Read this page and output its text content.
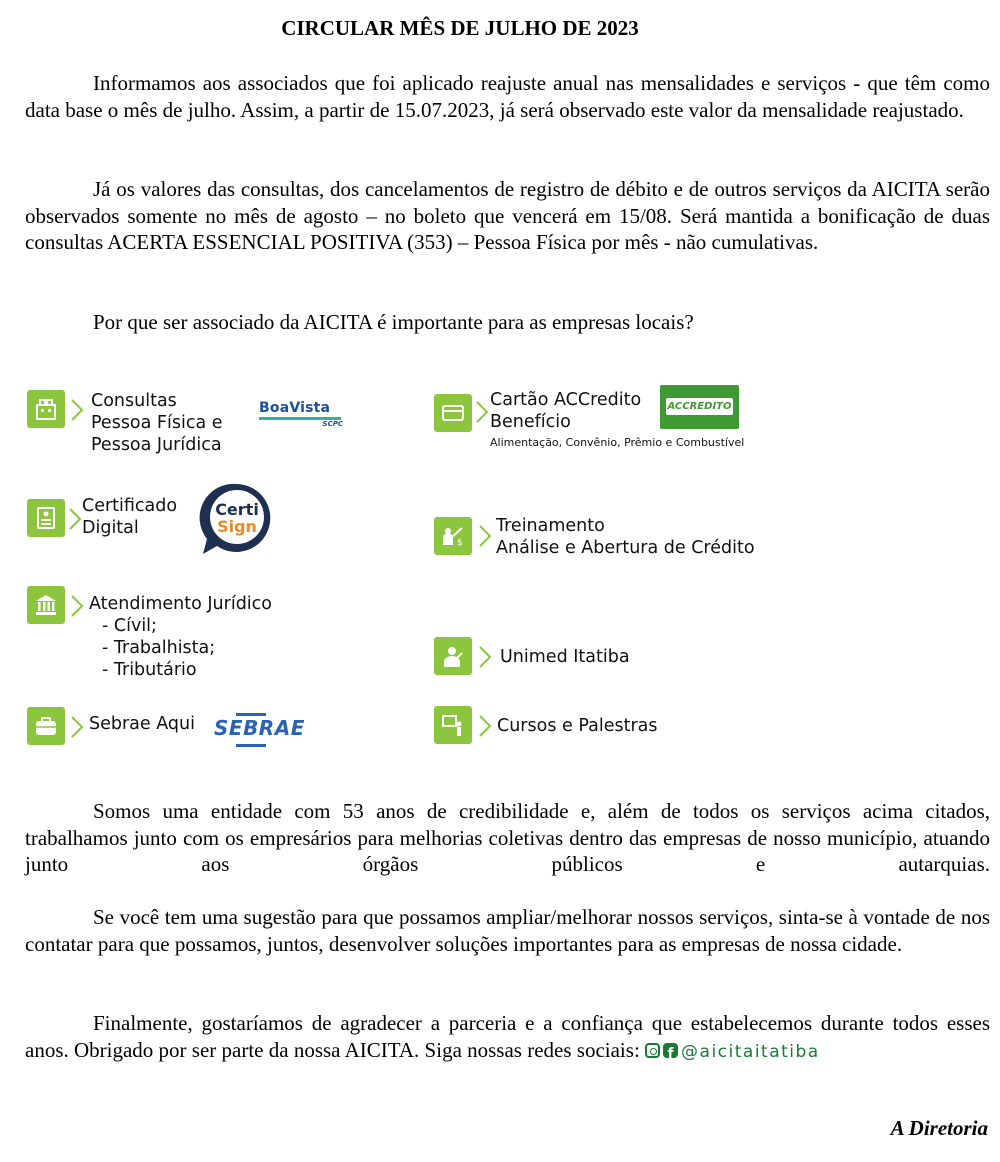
CIRCULAR MÊS DE JULHO DE 2023

Informamos aos associados que foi aplicado reajuste anual nas mensalidades e serviços - que têm como data base o mês de julho. Assim, a partir de 15.07.2023, já será observado este valor da mensalidade reajustado.

Já os valores das consultas, dos cancelamentos de registro de débito e de outros serviços da AICITA serão observados somente no mês de agosto – no boleto que vencerá em 15/08. Será mantida a bonificação de duas consultas ACERTA ESSENCIAL POSITIVA (353) – Pessoa Física por mês - não cumulativas.

Por que ser associado da AICITA é importante para as empresas locais?

Consultas
Pessoa Física e
Pessoa Jurídica
BoaVista
SCPC
Cartão ACCredito
Benefício
Alimentação, Convênio, Prêmio e Combustível
ACCREDITO
Certificado
Digital
Certi
Sign
$
Treinamento
Análise e Abertura de Crédito
Atendimento Jurídico
- Cívil;
- Trabalhista;
- Tributário
Unimed Itatiba
Sebrae Aqui SEBRAE	Cursos e Palestras

Somos uma entidade com 53 anos de credibilidade e, além de todos os serviços acima citados, trabalhamos junto com os empresários para melhorias coletivas dentro das empresas de nosso município, atuando junto aos órgãos públicos e autarquias.

Se você tem uma sugestão para que possamos ampliar/melhorar nossos serviços, sinta-se à vontade de nos contatar para que possamos, juntos, desenvolver soluções importantes para as empresas de nossa cidade.

Finalmente, gostaríamos de agradecer a parceria e a confiança que estabelecemos durante todos esses anos. Obrigado por ser parte da nossa AICITA. Siga nossas redes sociais: f@aicitaitatiba

A Diretoria
